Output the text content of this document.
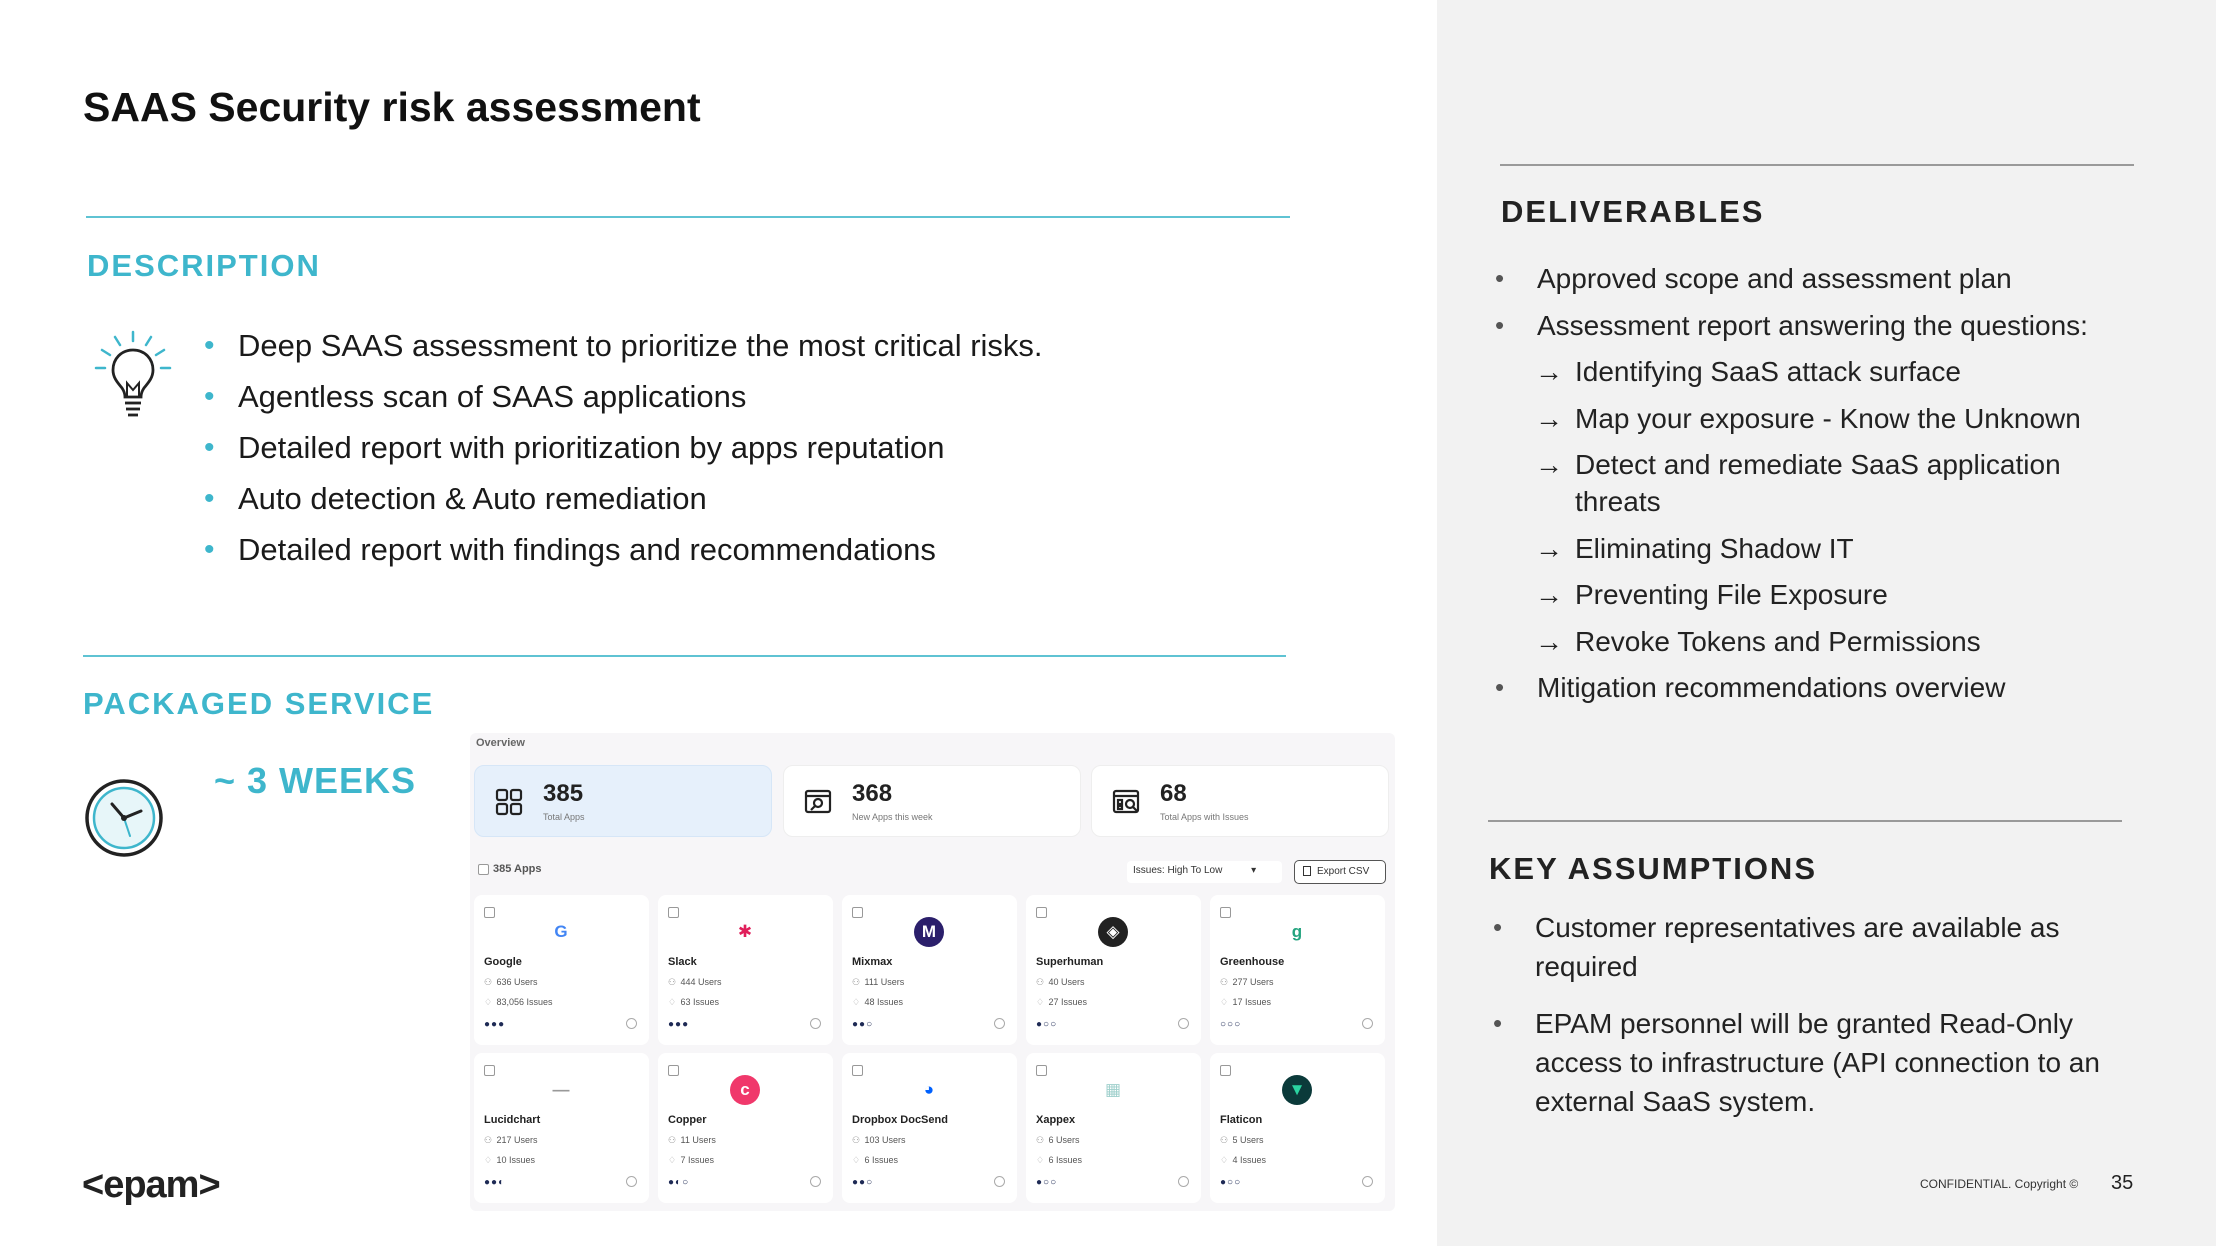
SAAS Security risk assessment
DESCRIPTION
• Deep SAAS assessment to prioritize the most critical risks.
• Agentless scan of SAAS applications
• Detailed report with prioritization by apps reputation
• Auto detection & Auto remediation
• Detailed report with findings and recommendations
PACKAGED SERVICE
~ 3 WEEKS
Overview
385
Total Apps
368
New Apps this week
68
Total Apps with Issues
385 Apps	Issues: High To Low	▾	Export CSV
G
Google
⚇ 636 Users
♢ 83,056 Issues
●●●
✱
Slack
⚇ 444 Users
♢ 63 Issues
●●●
M
Mixmax
⚇ 111 Users
♢ 48 Issues
●●○
◈
Superhuman
⚇ 40 Users
♢ 27 Issues
●○○
g
Greenhouse
⚇ 277 Users
♢ 17 Issues
○○○
—
Lucidchart
⚇ 217 Users
♢ 10 Issues
●●◐
c
Copper
⚇ 11 Users
♢ 7 Issues
●◐○
◕
Dropbox DocSend
⚇ 103 Users
♢ 6 Issues
●●○
▦
Xappex
⚇ 6 Users
♢ 6 Issues
●○○
▼
Flaticon
⚇ 5 Users
♢ 4 Issues
●○○
<epam>
DELIVERABLES
• Approved scope and assessment plan
• Assessment report answering the questions:
→ Identifying SaaS attack surface
→ Map your exposure - Know the Unknown
→ Detect and remediate SaaS application threats
→ Eliminating Shadow IT
→ Preventing File Exposure
→ Revoke Tokens and Permissions
• Mitigation recommendations overview
KEY ASSUMPTIONS
• Customer representatives are available as required
• EPAM personnel will be granted Read-Only access to infrastructure (API connection to an external SaaS system.
CONFIDENTIAL. Copyright © 35
